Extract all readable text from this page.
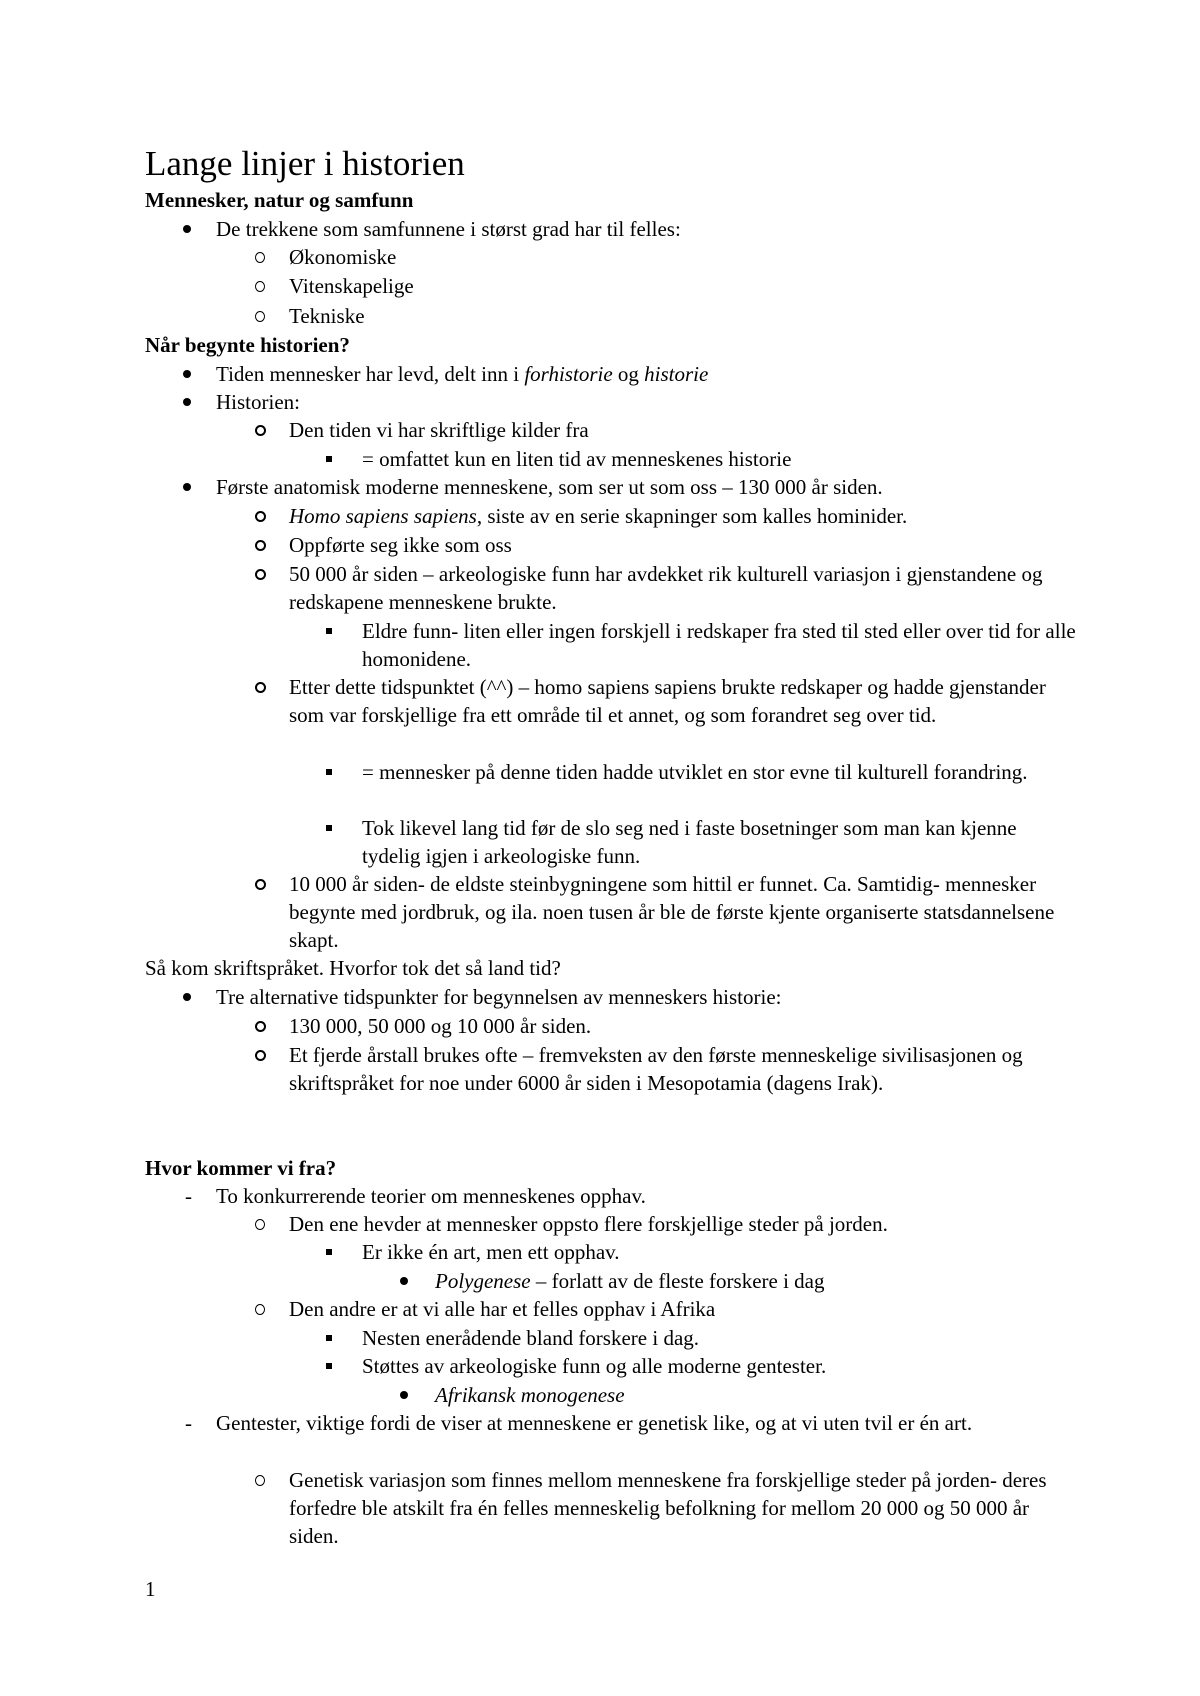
Lange linjer i historien
Mennesker, natur og samfunn
De trekkene som samfunnene i størst grad har til felles:
Økonomiske
Vitenskapelige
Tekniske
Når begynte historien?
Tiden mennesker har levd, delt inn i forhistorie og historie
Historien:
Den tiden vi har skriftlige kilder fra
= omfattet kun en liten tid av menneskenes historie
Første anatomisk moderne menneskene, som ser ut som oss – 130 000 år siden.
Homo sapiens sapiens, siste av en serie skapninger som kalles hominider.
Oppførte seg ikke som oss
50 000 år siden – arkeologiske funn har avdekket rik kulturell variasjon i gjenstandene og redskapene menneskene brukte.
Eldre funn- liten eller ingen forskjell i redskaper fra sted til sted eller over tid for alle homonidene.
Etter dette tidspunktet (^^) – homo sapiens sapiens brukte redskaper og hadde gjenstander som var forskjellige fra ett område til et annet, og som forandret seg over tid.
= mennesker på denne tiden hadde utviklet en stor evne til kulturell forandring.
Tok likevel lang tid før de slo seg ned i faste bosetninger som man kan kjenne tydelig igjen i arkeologiske funn.
10 000 år siden- de eldste steinbygningene som hittil er funnet. Ca. Samtidig- mennesker begynte med jordbruk, og ila. noen tusen år ble de første kjente organiserte statsdannelsene skapt.
Så kom skriftspråket. Hvorfor tok det så land tid?
Tre alternative tidspunkter for begynnelsen av menneskers historie:
130 000, 50 000 og 10 000 år siden.
Et fjerde årstall brukes ofte – fremveksten av den første menneskelige sivilisasjonen og skriftspråket for noe under 6000 år siden i Mesopotamia (dagens Irak).
Hvor kommer vi fra?
- To konkurrerende teorier om menneskenes opphav.
Den ene hevder at mennesker oppsto flere forskjellige steder på jorden.
Er ikke én art, men ett opphav.
Polygenese – forlatt av de fleste forskere i dag
Den andre er at vi alle har et felles opphav i Afrika
Nesten enerådende bland forskere i dag.
Støttes av arkeologiske funn og alle moderne gentester.
Afrikansk monogenese
- Gentester, viktige fordi de viser at menneskene er genetisk like, og at vi uten tvil er én art.
Genetisk variasjon som finnes mellom menneskene fra forskjellige steder på jorden- deres forfedre ble atskilt fra én felles menneskelig befolkning for mellom 20 000 og 50 000 år siden.
1
